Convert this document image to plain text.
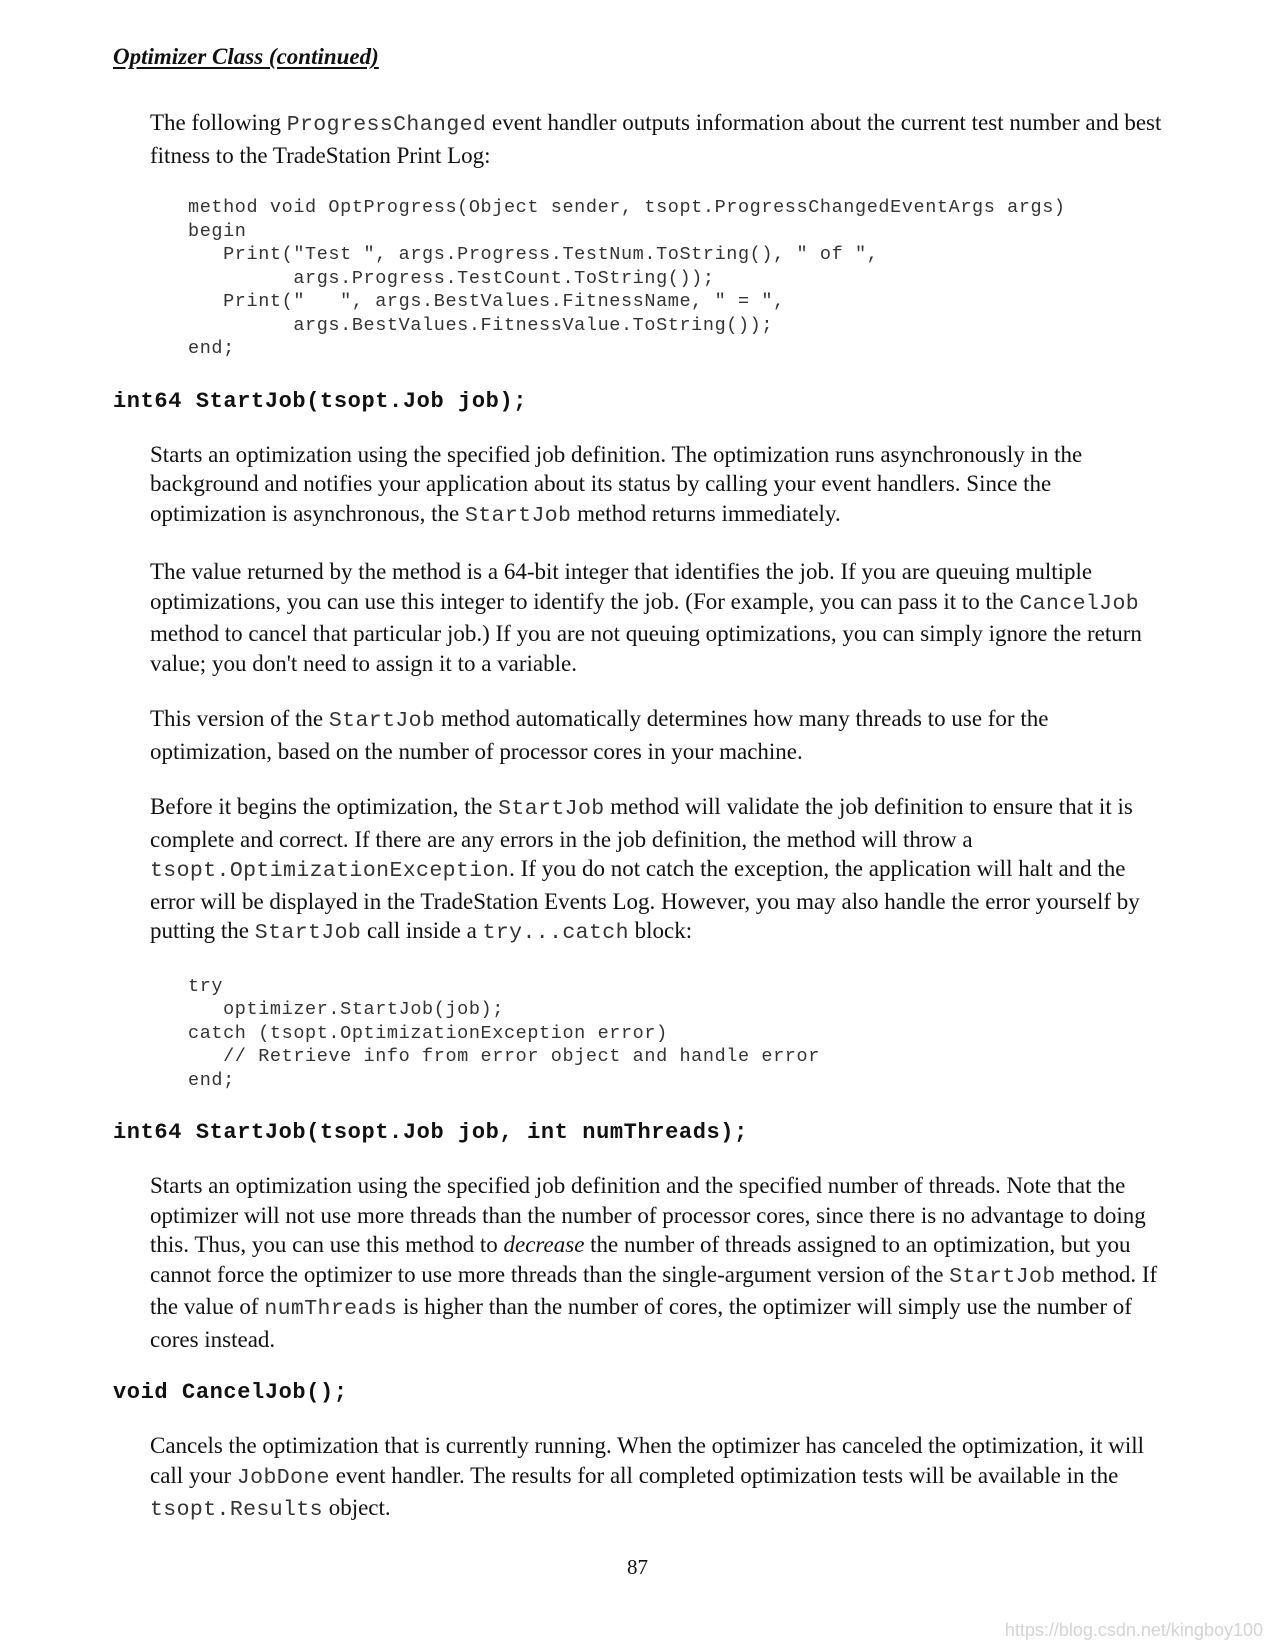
Optimizer Class (continued)

The following ProgressChanged event handler outputs information about the current test number and best fitness to the TradeStation Print Log:

method void OptProgress(Object sender, tsopt.ProgressChangedEventArgs args)
begin
Print("Test ", args.Progress.TestNum.ToString(), " of ",
args.Progress.TestCount.ToString());
Print("   ", args.BestValues.FitnessName, " = ",
args.BestValues.FitnessValue.ToString());
end;
int64 StartJob(tsopt.Job job);

Starts an optimization using the specified job definition. The optimization runs asynchronously in the background and notifies your application about its status by calling your event handlers. Since the optimization is asynchronous, the StartJob method returns immediately.

The value returned by the method is a 64-bit integer that identifies the job. If you are queuing multiple optimizations, you can use this integer to identify the job. (For example, you can pass it to the CancelJob method to cancel that particular job.) If you are not queuing optimizations, you can simply ignore the return value; you don't need to assign it to a variable.

This version of the StartJob method automatically determines how many threads to use for the optimization, based on the number of processor cores in your machine.

Before it begins the optimization, the StartJob method will validate the job definition to ensure that it is complete and correct. If there are any errors in the job definition, the method will throw a tsopt.OptimizationException. If you do not catch the exception, the application will halt and the error will be displayed in the TradeStation Events Log. However, you may also handle the error yourself by putting the StartJob call inside a try...catch block:

try
optimizer.StartJob(job);
catch (tsopt.OptimizationException error)
// Retrieve info from error object and handle error
end;
int64 StartJob(tsopt.Job job, int numThreads);

Starts an optimization using the specified job definition and the specified number of threads. Note that the optimizer will not use more threads than the number of processor cores, since there is no advantage to doing this. Thus, you can use this method to decrease the number of threads assigned to an optimization, but you cannot force the optimizer to use more threads than the single-argument version of the StartJob method. If the value of numThreads is higher than the number of cores, the optimizer will simply use the number of cores instead.

void CancelJob();

Cancels the optimization that is currently running. When the optimizer has canceled the optimization, it will call your JobDone event handler. The results for all completed optimization tests will be available in the tsopt.Results object.

87
https://blog.csdn.net/kingboy100
